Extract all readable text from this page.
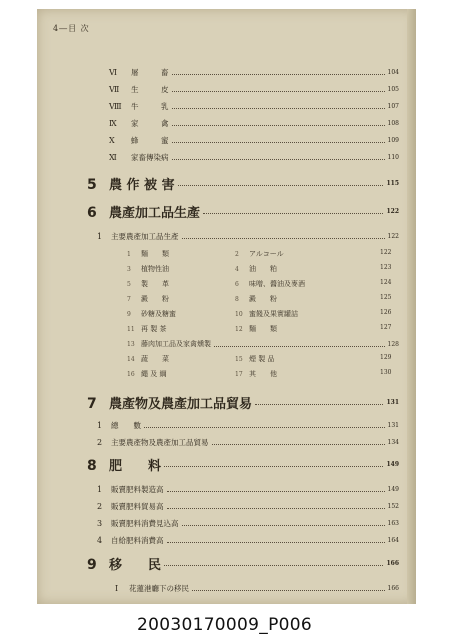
4―目 次
Ⅵ 屠　　　畜	104
Ⅶ 生　　　皮	105
Ⅷ 牛　　　乳	107
Ⅸ 家　　　禽	108
Ⅹ 蜂　　　蜜	109
Ⅺ 家畜傳染病	110
5 農 作 被 害	115
6 農產加工品生產	122
1 主要農產加工品生產	122
1 麵　　類	2 アルコール	122
3 植物性油	4 油　　粕	123
5 製　　革	6 味噌、醬油及麥酒	124
7 澱　　粉	8 澱　　粉	125
9 砂糖及糖蜜	10 蜜餞及果實罐詰	126
11 再 製 茶	12 麵　　類	127
13 藤肉加工品及家禽燻製	128
14 蔬　　菜	15 煙 製 品	129
16 繩 及 綱	17 其　　他	130
7 農產物及農產加工品貿易	131
1 總　　數	131
2 主要農產物及農產加工品貿易	134
8 肥　　料	149
1 販賣肥料製造高	149
2 販賣肥料貿易高	152
3 販賣肥料消費見込高	163
4 自給肥料消費高	164
9 移　　民	166
Ⅰ 花蓮港廳下の移民	166
20030170009_P006
